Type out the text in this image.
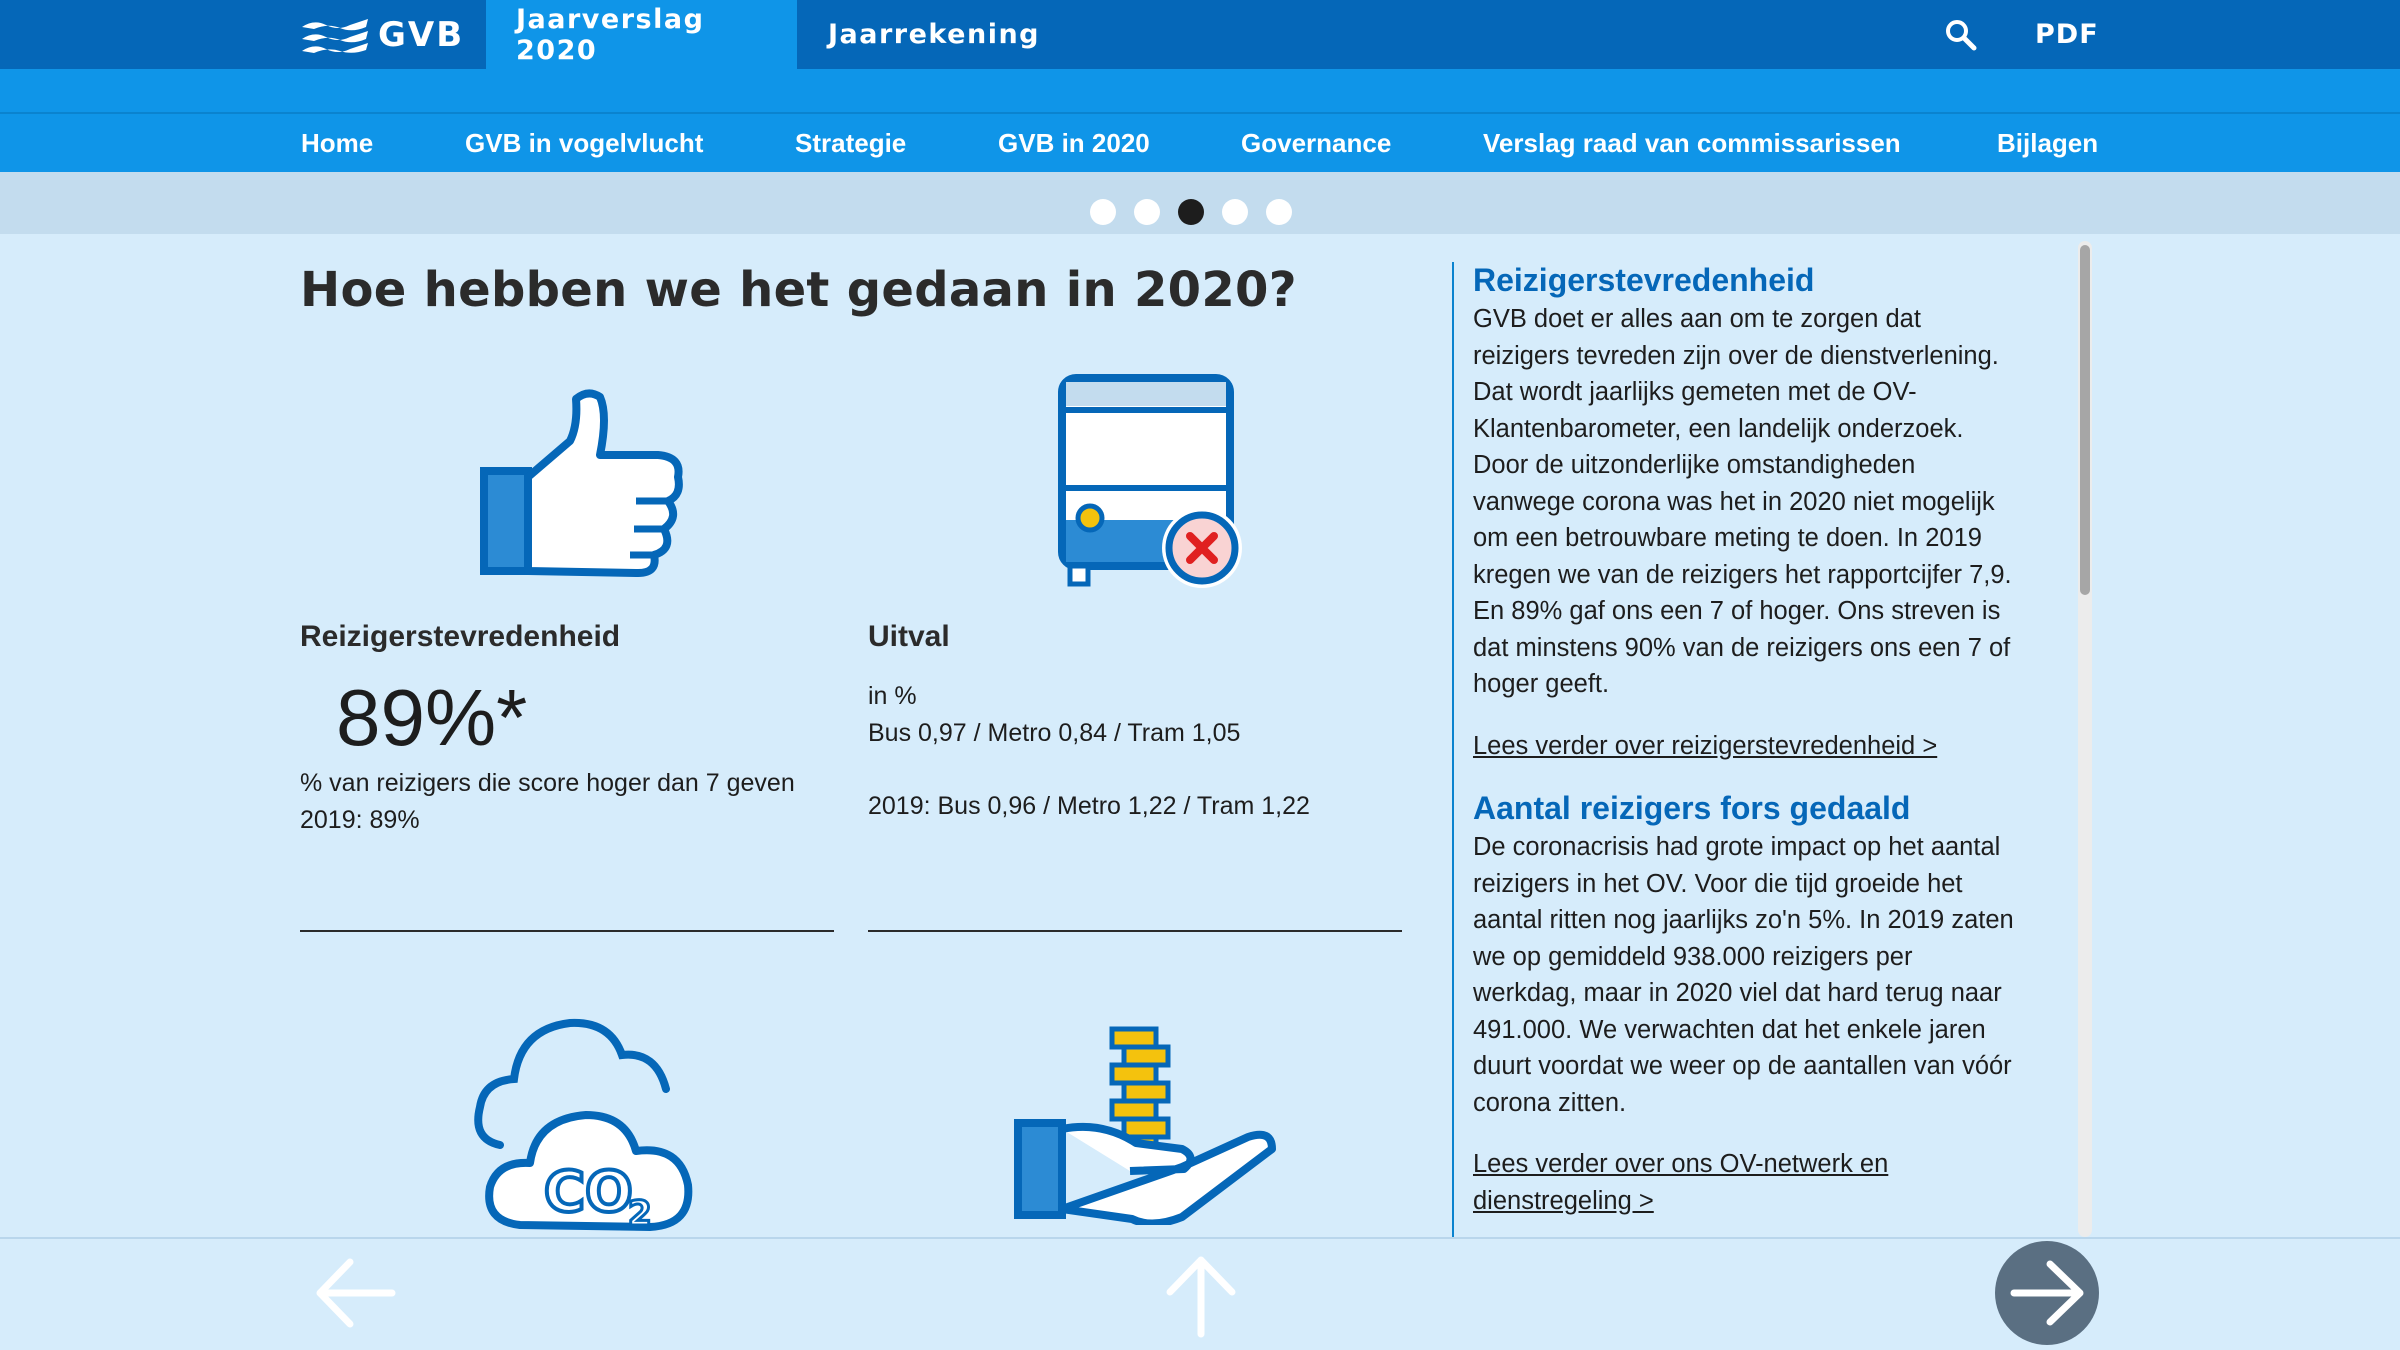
GVB	Jaarverslag 2020	Jaarrekening	PDF
Home	GVB in vogelvlucht	Strategie	GVB in 2020	Governance	Verslag raad van commissarissen	Bijlagen
Hoe hebben we het gedaan in 2020?
Reizigerstevredenheid
89%*
% van reizigers die score hoger dan 7 geven
2019: 89%
Uitval
in %
Bus 0,97 / Metro 0,84 / Tram 1,05
2019: Bus 0,96 / Metro 1,22 / Tram 1,22
CO
2
Reizigerstevredenheid
GVB doet er alles aan om te zorgen dat
reizigers tevreden zijn over de dienstverlening.
Dat wordt jaarlijks gemeten met de OV-
Klantenbarometer, een landelijk onderzoek.
Door de uitzonderlijke omstandigheden
vanwege corona was het in 2020 niet mogelijk
om een betrouwbare meting te doen. In 2019
kregen we van de reizigers het rapportcijfer 7,9.
En 89% gaf ons een 7 of hoger. Ons streven is
dat minstens 90% van de reizigers ons een 7 of
hoger geeft.
Lees verder over reizigerstevredenheid >
Aantal reizigers fors gedaald
De coronacrisis had grote impact op het aantal
reizigers in het OV. Voor die tijd groeide het
aantal ritten nog jaarlijks zo'n 5%. In 2019 zaten
we op gemiddeld 938.000 reizigers per
werkdag, maar in 2020 viel dat hard terug naar
491.000. We verwachten dat het enkele jaren
duurt voordat we weer op de aantallen van vóór
corona zitten.
Lees verder over ons OV-netwerk en
dienstregeling >
